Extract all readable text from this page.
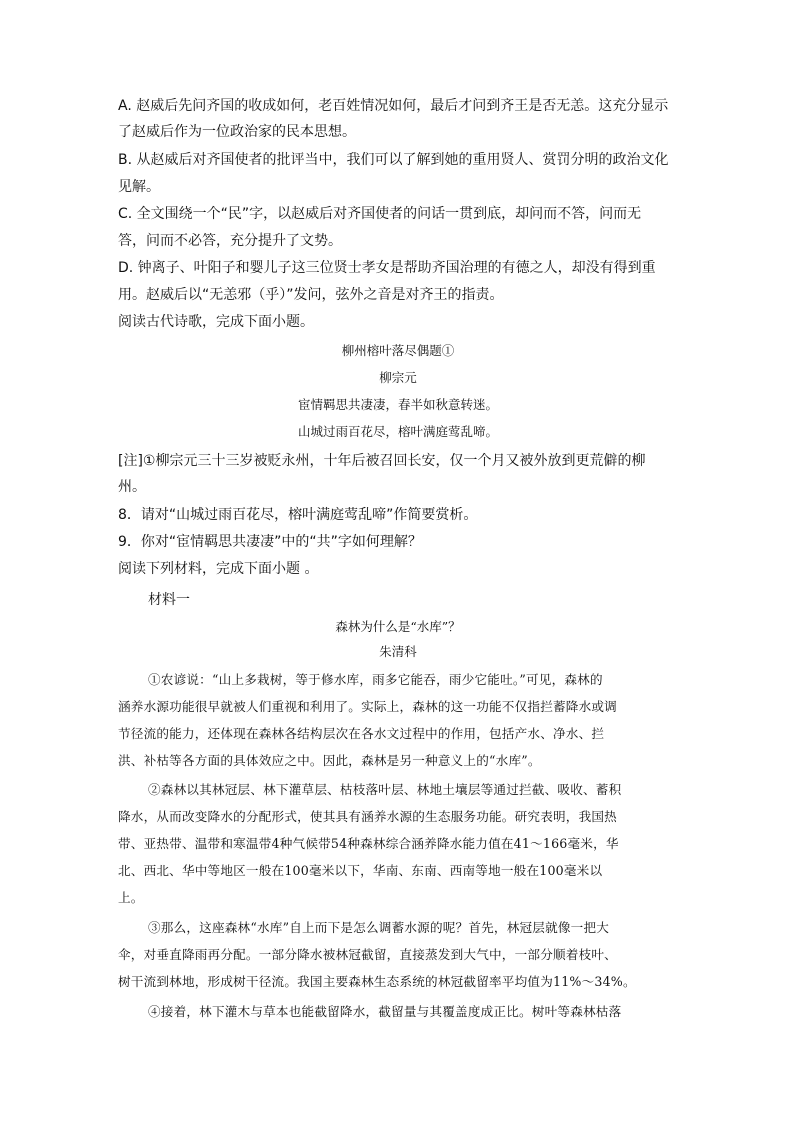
A. 赵威后先问齐国的收成如何，老百姓情况如何，最后才问到齐王是否无恙。这充分显示
了赵威后作为一位政治家的民本思想。
B. 从赵威后对齐国使者的批评当中，我们可以了解到她的重用贤人、赏罚分明的政治文化
见解。
C. 全文围绕一个“民”字，以赵威后对齐国使者的问话一贯到底，却问而不答，问而无
答，问而不必答，充分提升了文势。
D. 钟离子、叶阳子和婴儿子这三位贤士孝女是帮助齐国治理的有德之人，却没有得到重
用。赵威后以“无恙邪（乎）”发问，弦外之音是对齐王的指责。
阅读古代诗歌，完成下面小题。
柳州榕叶落尽偶题①
柳宗元
宦情羁思共凄凄，春半如秋意转迷。
山城过雨百花尽，榕叶满庭莺乱啼。
[注]①柳宗元三十三岁被贬永州，十年后被召回长安，仅一个月又被外放到更荒僻的柳
州。
8．请对“山城过雨百花尽，榕叶满庭莺乱啼”作简要赏析。
9．你对“宦情羁思共凄凄”中的“共”字如何理解？
阅读下列材料，完成下面小题 。
材料一
森林为什么是“水库”？
朱清科
①农谚说：“山上多栽树，等于修水库，雨多它能吞，雨少它能吐。”可见，森林的
涵养水源功能很早就被人们重视和利用了。实际上，森林的这一功能不仅指拦蓄降水或调
节径流的能力，还体现在森林各结构层次在各水文过程中的作用，包括产水、净水、拦
洪、补枯等各方面的具体效应之中。因此，森林是另一种意义上的“水库”。
②森林以其林冠层、林下灌草层、枯枝落叶层、林地土壤层等通过拦截、吸收、蓄积
降水，从而改变降水的分配形式，使其具有涵养水源的生态服务功能。研究表明，我国热
带、亚热带、温带和寒温带4种气候带54种森林综合涵养降水能力值在41～166毫米，华
北、西北、华中等地区一般在100毫米以下，华南、东南、西南等地一般在100毫米以
上。
③那么，这座森林“水库”自上而下是怎么调蓄水源的呢？首先，林冠层就像一把大
伞，对垂直降雨再分配。一部分降水被林冠截留，直接蒸发到大气中，一部分顺着枝叶、
树干流到林地，形成树干径流。我国主要森林生态系统的林冠截留率平均值为11%～34%。
④接着，林下灌木与草本也能截留降水，截留量与其覆盖度成正比。树叶等森林枯落
